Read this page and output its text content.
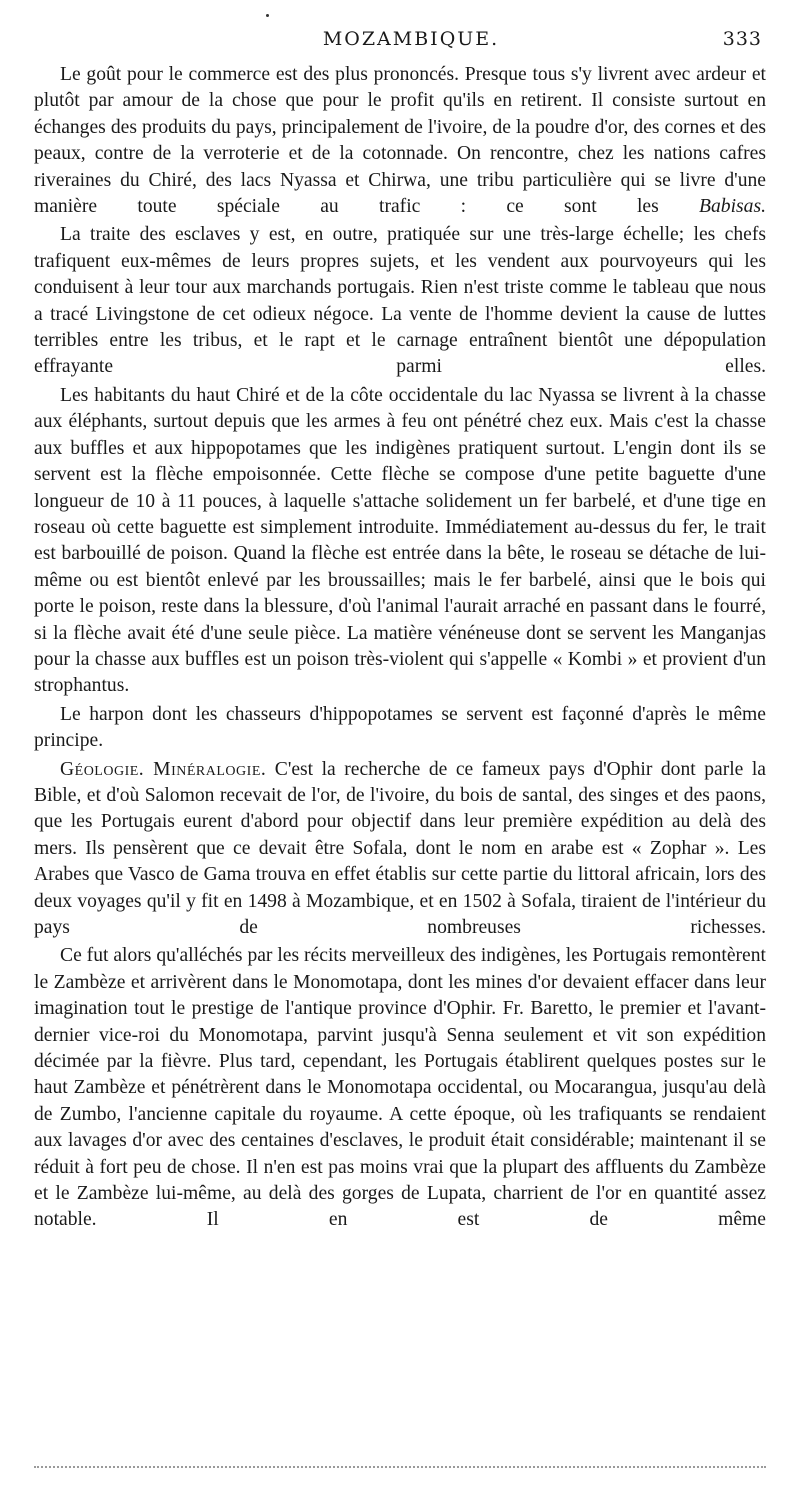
MOZAMBIQUE.	333

Le goût pour le commerce est des plus prononcés. Presque tous s'y livrent avec ardeur et plutôt par amour de la chose que pour le profit qu'ils en retirent. Il consiste surtout en échanges des produits du pays, principalement de l'ivoire, de la poudre d'or, des cornes et des peaux, contre de la verroterie et de la cotonnade. On rencontre, chez les nations cafres riveraines du Chiré, des lacs Nyassa et Chirwa, une tribu particulière qui se livre d'une manière toute spéciale au trafic : ce sont les Babisas.

La traite des esclaves y est, en outre, pratiquée sur une très-large échelle; les chefs trafiquent eux-mêmes de leurs propres sujets, et les vendent aux pourvoyeurs qui les conduisent à leur tour aux marchands portugais. Rien n'est triste comme le tableau que nous a tracé Livingstone de cet odieux négoce. La vente de l'homme devient la cause de luttes terribles entre les tribus, et le rapt et le carnage entraînent bientôt une dépopulation effrayante parmi elles.

Les habitants du haut Chiré et de la côte occidentale du lac Nyassa se livrent à la chasse aux éléphants, surtout depuis que les armes à feu ont pénétré chez eux. Mais c'est la chasse aux buffles et aux hippopotames que les indigènes pratiquent surtout. L'engin dont ils se servent est la flèche empoisonnée. Cette flèche se compose d'une petite baguette d'une longueur de 10 à 11 pouces, à laquelle s'attache solidement un fer barbelé, et d'une tige en roseau où cette baguette est simplement introduite. Immédiatement au-dessus du fer, le trait est barbouillé de poison. Quand la flèche est entrée dans la bête, le roseau se détache de lui-même ou est bientôt enlevé par les broussailles; mais le fer barbelé, ainsi que le bois qui porte le poison, reste dans la blessure, d'où l'animal l'aurait arraché en passant dans le fourré, si la flèche avait été d'une seule pièce. La matière vénéneuse dont se servent les Manganjas pour la chasse aux buffles est un poison très-violent qui s'appelle « Kombi » et provient d'un strophantus.

Le harpon dont les chasseurs d'hippopotames se servent est façonné d'après le même principe.

Géologie. Minéralogie. C'est la recherche de ce fameux pays d'Ophir dont parle la Bible, et d'où Salomon recevait de l'or, de l'ivoire, du bois de santal, des singes et des paons, que les Portugais eurent d'abord pour objectif dans leur première expédition au delà des mers. Ils pensèrent que ce devait être Sofala, dont le nom en arabe est « Zophar ». Les Arabes que Vasco de Gama trouva en effet établis sur cette partie du littoral africain, lors des deux voyages qu'il y fit en 1498 à Mozambique, et en 1502 à Sofala, tiraient de l'intérieur du pays de nombreuses richesses.

Ce fut alors qu'alléchés par les récits merveilleux des indigènes, les Portugais remontèrent le Zambèze et arrivèrent dans le Monomotapa, dont les mines d'or devaient effacer dans leur imagination tout le prestige de l'antique province d'Ophir. Fr. Baretto, le premier et l'avant-dernier vice-roi du Monomotapa, parvint jusqu'à Senna seulement et vit son expédition décimée par la fièvre. Plus tard, cependant, les Portugais établirent quelques postes sur le haut Zambèze et pénétrèrent dans le Monomotapa occidental, ou Mocarangua, jusqu'au delà de Zumbo, l'ancienne capitale du royaume. A cette époque, où les trafiquants se rendaient aux lavages d'or avec des centaines d'esclaves, le produit était considérable; maintenant il se réduit à fort peu de chose. Il n'en est pas moins vrai que la plupart des affluents du Zambèze et le Zambèze lui-même, au delà des gorges de Lupata, charrient de l'or en quantité assez notable. Il en est de même
